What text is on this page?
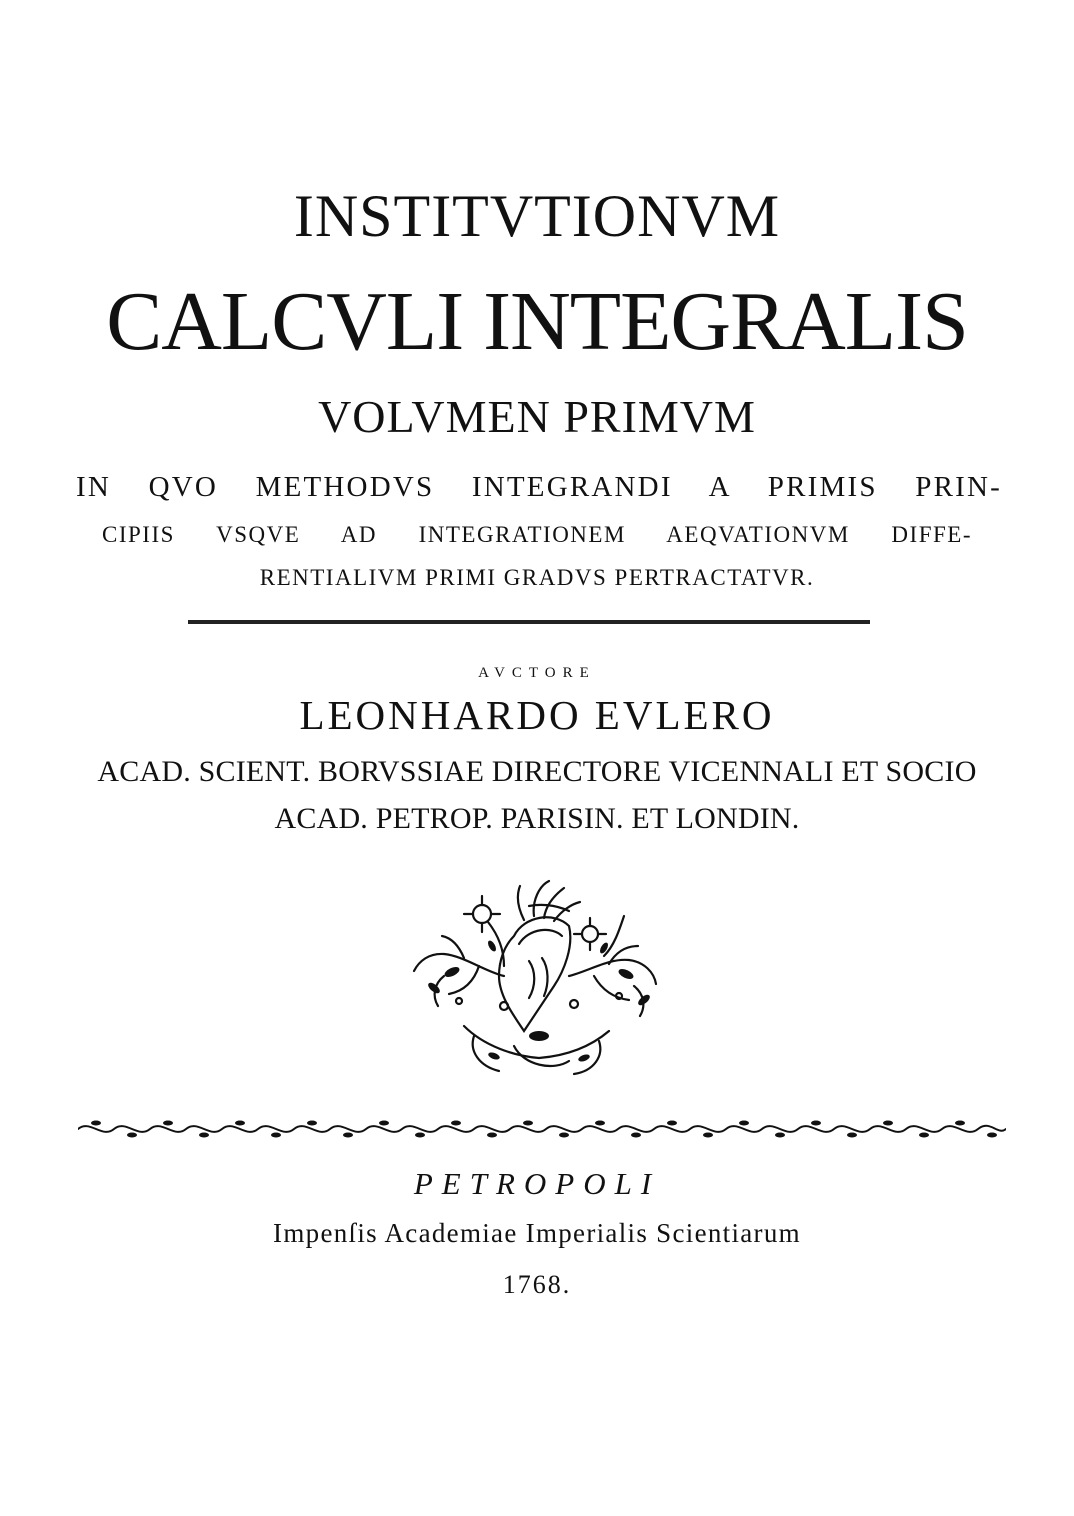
INSTITVTIONVM
CALCVLI INTEGRALIS
VOLVMEN PRIMVM
IN QVO METHODVS INTEGRANDI A PRIMIS PRIN-
CIPIIS VSQVE AD INTEGRATIONEM AEQVATIONVM DIFFE-
RENTIALIVM PRIMI GRADVS PERTRACTATVR.
AVCTORE
LEONHARDO EVLERO
ACAD. SCIENT. BORVSSIAE DIRECTORE VICENNALI ET SOCIO
ACAD. PETROP. PARISIN. ET LONDIN.
PETROPOLI
Impenſis Academiae Imperialis Scientiarum
1768.
